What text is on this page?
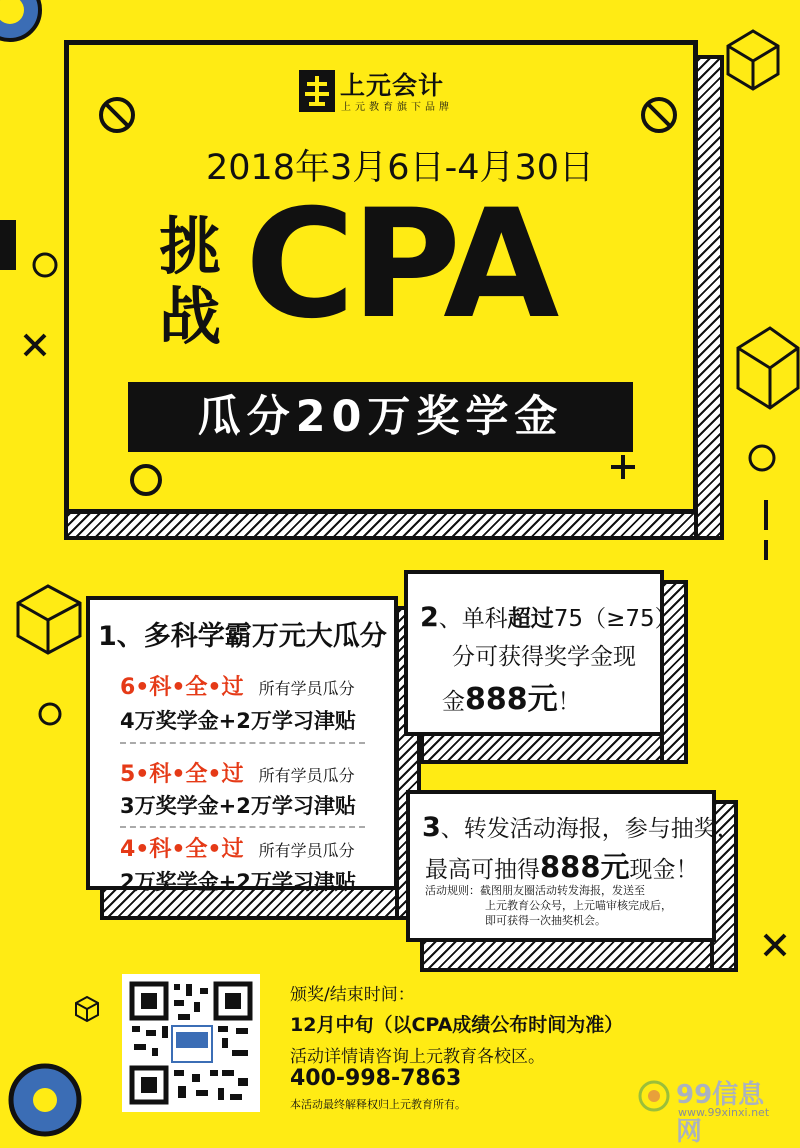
上元会计
上元教育旗下品牌
2018年3月6日-4月30日
挑
战 CPA
瓜分20万奖学金
1、多科学霸万元大瓜分
6•科•全•过 所有学员瓜分
4万奖学金+2万学习津贴
5•科•全•过 所有学员瓜分
3万奖学金+2万学习津贴
4•科•全•过 所有学员瓜分
2万奖学金+2万学习津贴
2、单科超过75（≥75）
分可获得奖学金现
金888元！
3、转发活动海报，参与抽奖，
最高可抽得888元现金！
活动规则：截图朋友圈活动转发海报，发送至
上元教育公众号，上元喵审核完成后，
即可获得一次抽奖机会。
颁奖/结束时间：
12月中旬（以CPA成绩公布时间为准）
活动详情请咨询上元教育各校区。
400-998-7863
本活动最终解释权归上元教育所有。	99信息网
www.99xinxi.net
